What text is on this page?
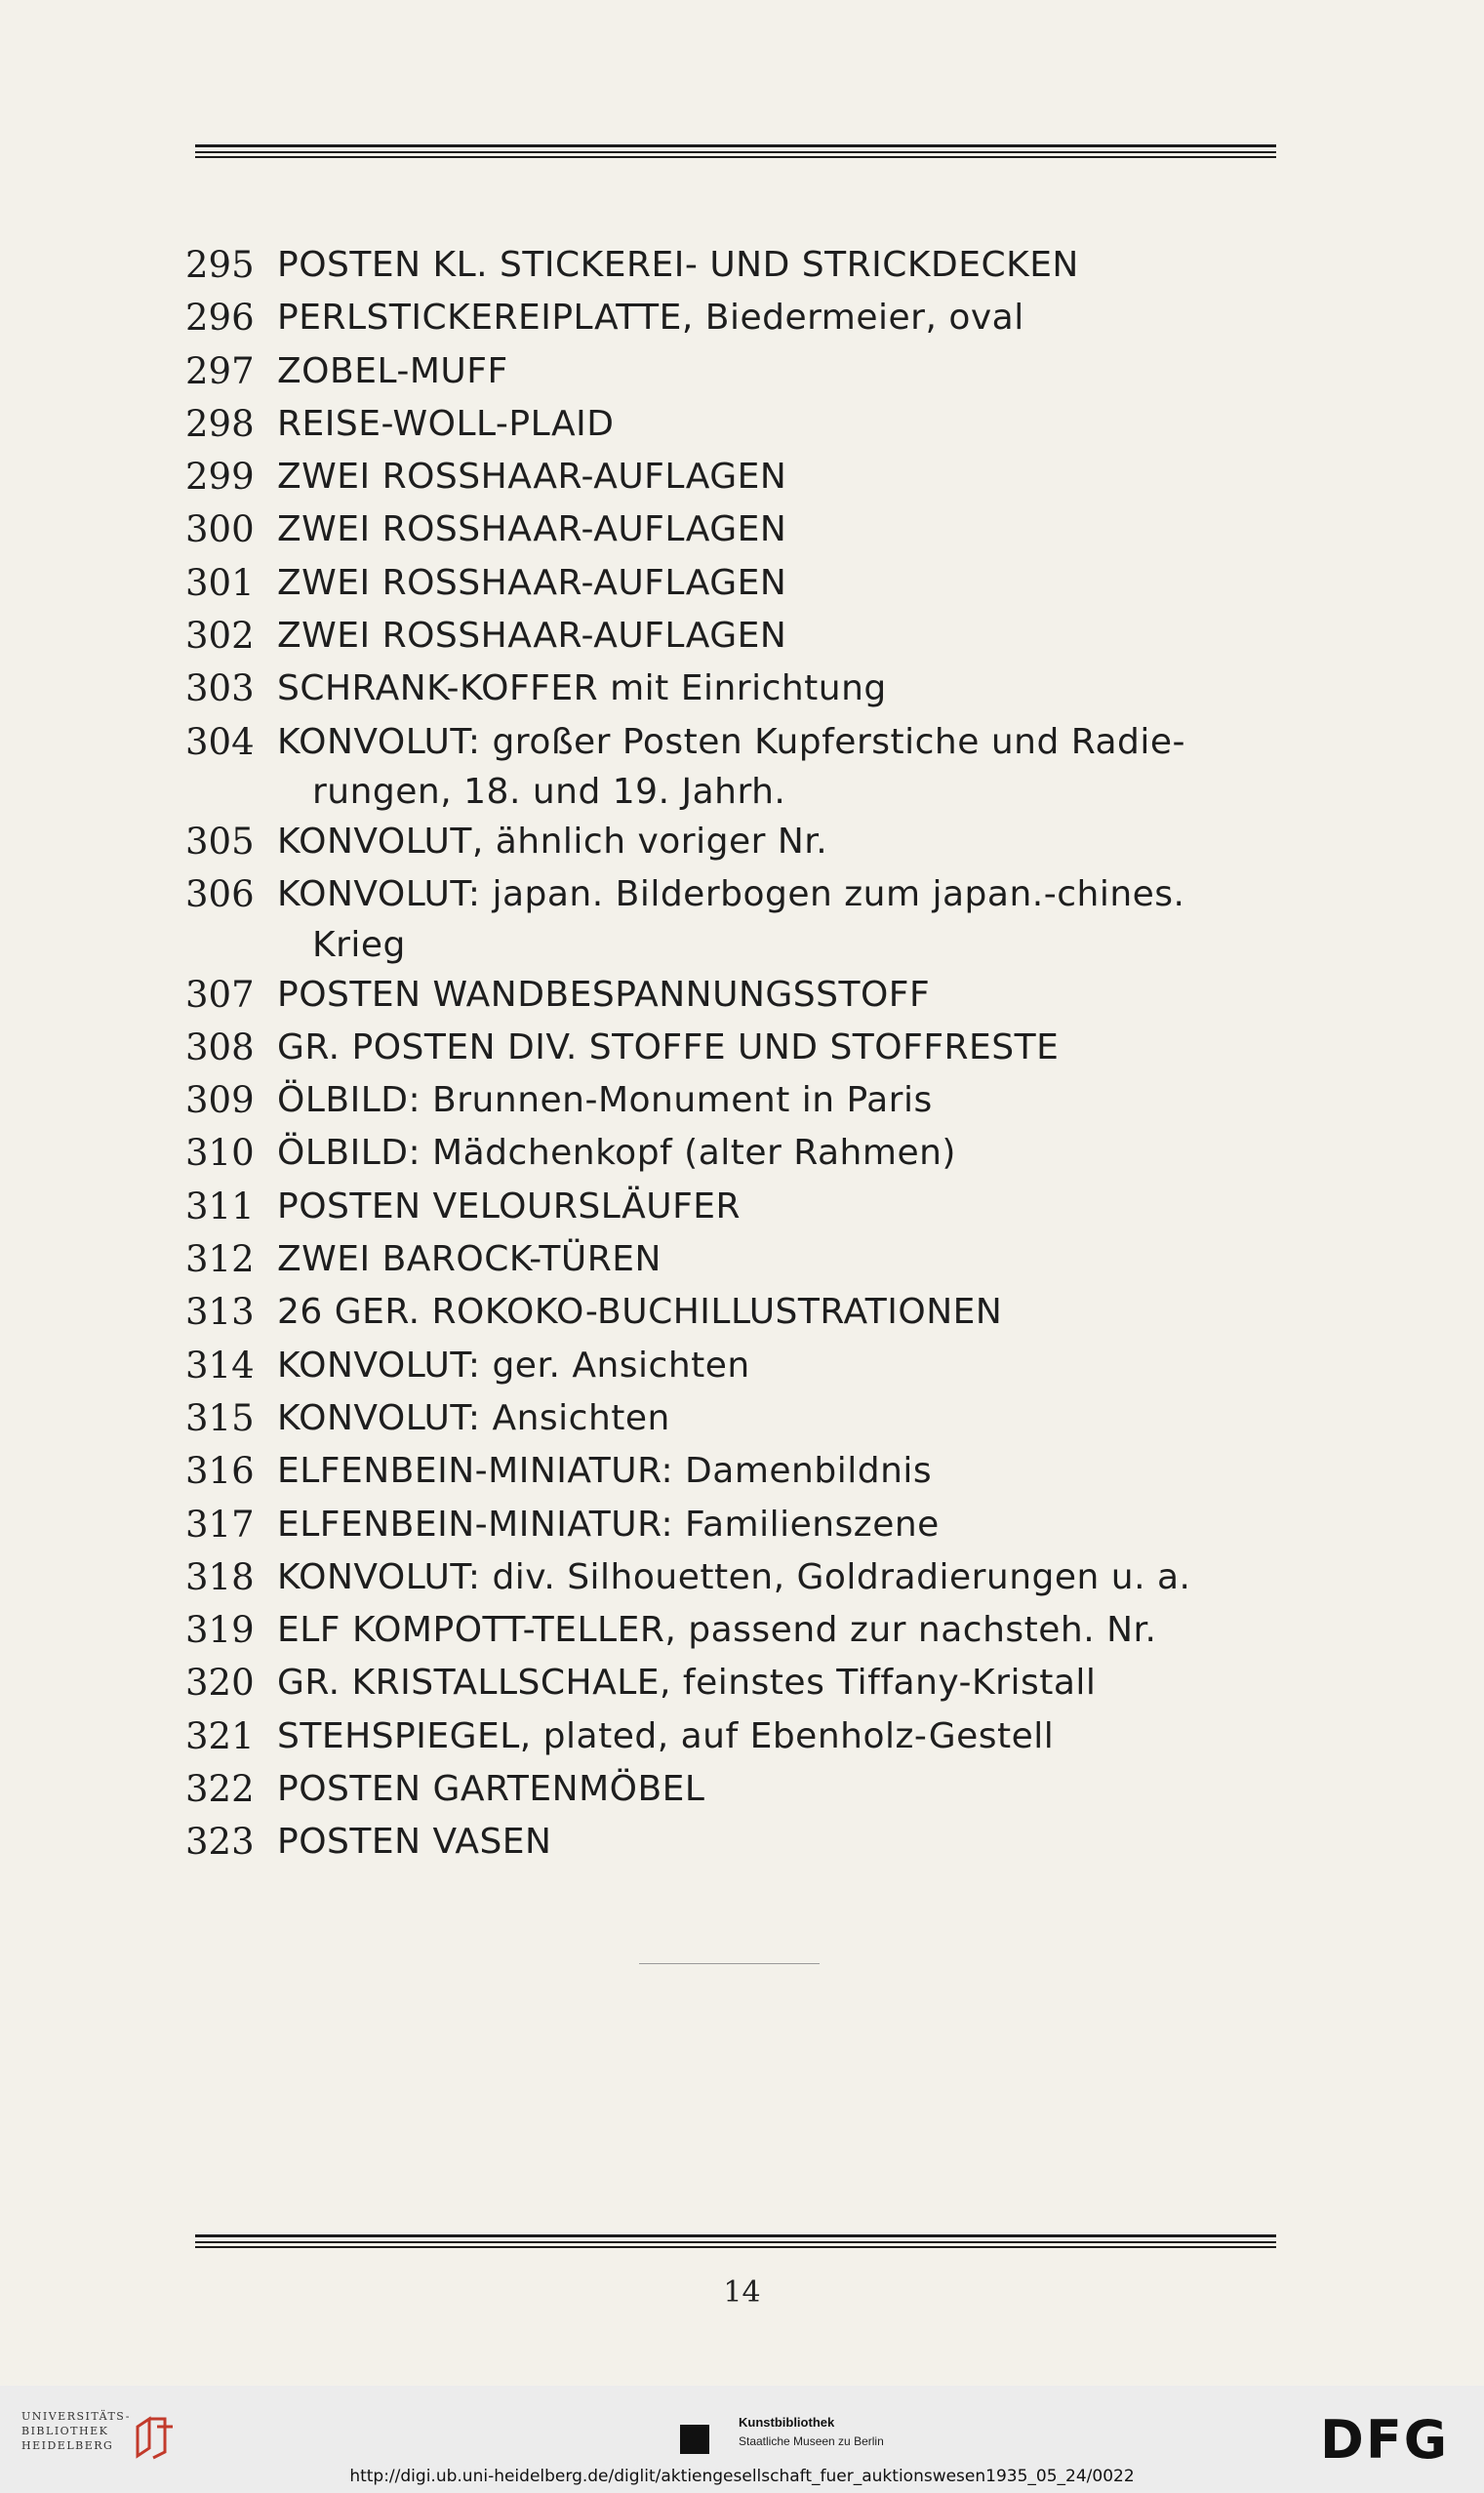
295 POSTEN KL. STICKEREI- UND STRICKDECKEN
296 PERLSTICKEREIPLATTE, Biedermeier, oval
297 ZOBEL-MUFF
298 REISE-WOLL-PLAID
299 ZWEI ROSSHAAR-AUFLAGEN
300 ZWEI ROSSHAAR-AUFLAGEN
301 ZWEI ROSSHAAR-AUFLAGEN
302 ZWEI ROSSHAAR-AUFLAGEN
303 SCHRANK-KOFFER mit Einrichtung
304 KONVOLUT: großer Posten Kupferstiche und Radie-
rungen, 18. und 19. Jahrh.
305 KONVOLUT, ähnlich voriger Nr.
306 KONVOLUT: japan. Bilderbogen zum japan.-chines.
Krieg
307 POSTEN WANDBESPANNUNGSSTOFF
308 GR. POSTEN DIV. STOFFE UND STOFFRESTE
309 ÖLBILD: Brunnen-Monument in Paris
310 ÖLBILD: Mädchenkopf (alter Rahmen)
311 POSTEN VELOURSLÄUFER
312 ZWEI BAROCK-TÜREN
313 26 GER. ROKOKO-BUCHILLUSTRATIONEN
314 KONVOLUT: ger. Ansichten
315 KONVOLUT: Ansichten
316 ELFENBEIN-MINIATUR: Damenbildnis
317 ELFENBEIN-MINIATUR: Familienszene
318 KONVOLUT: div. Silhouetten, Goldradierungen u. a.
319 ELF KOMPOTT-TELLER, passend zur nachsteh. Nr.
320 GR. KRISTALLSCHALE, feinstes Tiffany-Kristall
321 STEHSPIEGEL, plated, auf Ebenholz-Gestell
322 POSTEN GARTENMÖBEL
323 POSTEN VASEN
14
UNIVERSITÄTS-
BIBLIOTHEK
HEIDELBERG
Kunstbibliothek
Staatliche Museen zu Berlin	DFG
http://digi.ub.uni-heidelberg.de/diglit/aktiengesellschaft_fuer_auktionswesen1935_05_24/0022
